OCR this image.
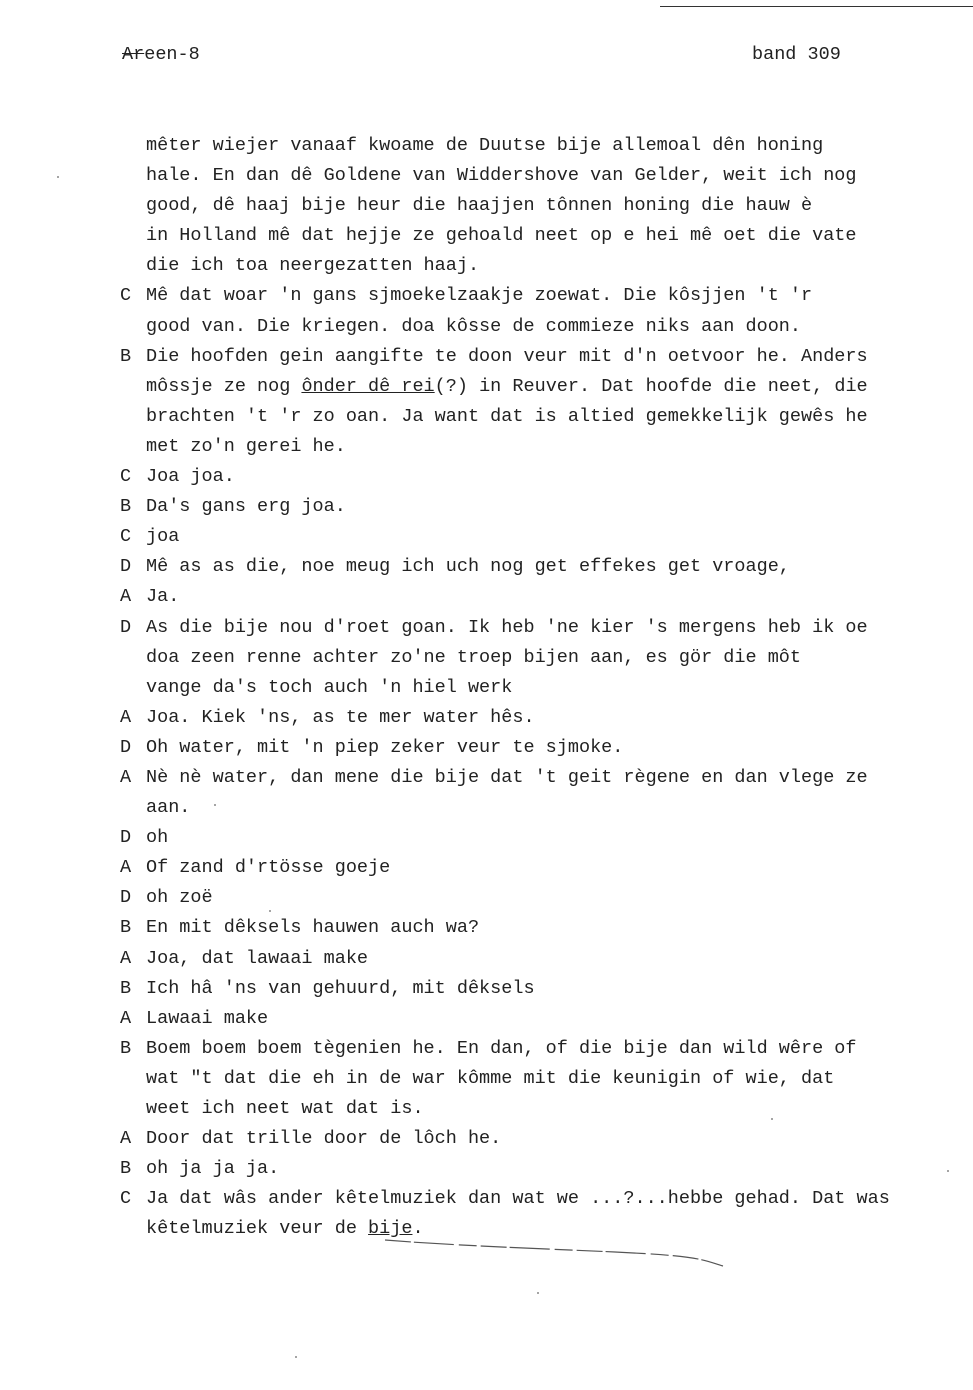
Areen-8	band 309
mêter wiejer vanaaf kwoame de Duutse bije allemoal dên honing
hale. En dan dê Goldene van Widdershove van Gelder, weit ich nog
good, dê haaj bije heur die haajjen tônnen honing die hauw è
in Holland mê dat hejje ze gehoald neet op e hei mê oet die vate
die ich toa neergezatten haaj.
C Mê dat woar 'n gans sjmoekelzaakje zoewat. Die kôsjjen 't 'r
good van. Die kriegen. doa kôsse de commieze niks aan doon.
B Die hoofden gein aangifte te doon veur mit d'n oetvoor he. Anders
môssje ze nog ônder dê rei(?) in Reuver. Dat hoofde die neet, die
brachten 't 'r zo oan. Ja want dat is altied gemekkelijk gewês he
met zo'n gerei he.
C Joa joa.
B Da's gans erg joa.
C joa
D Mê as as die, noe meug ich uch nog get effekes get vroage,
A Ja.
D As die bije nou d'roet goan. Ik heb 'ne kier 's mergens heb ik oe
doa zeen renne achter zo'ne troep bijen aan, es gör die môt
vange da's toch auch 'n hiel werk
A Joa. Kiek 'ns, as te mer water hês.
D Oh water, mit 'n piep zeker veur te sjmoke.
A Nè nè water, dan mene die bije dat 't geit règene en dan vlege ze
aan.
D oh
A Of zand d'rtösse goeje
D oh zoë
B En mit dêksels hauwen auch wa?
A Joa, dat lawaai make
B Ich hâ 'ns van gehuurd, mit dêksels
A Lawaai make
B Boem boem boem tègenien he. En dan, of die bije dan wild wêre of
wat "t dat die eh in de war kômme mit die keunigin of wie, dat
weet ich neet wat dat is.
A Door dat trille door de lôch he.
B oh ja ja ja.
C Ja dat wâs ander kêtelmuziek dan wat we ...?...hebbe gehad. Dat was
kêtelmuziek veur de bije.
